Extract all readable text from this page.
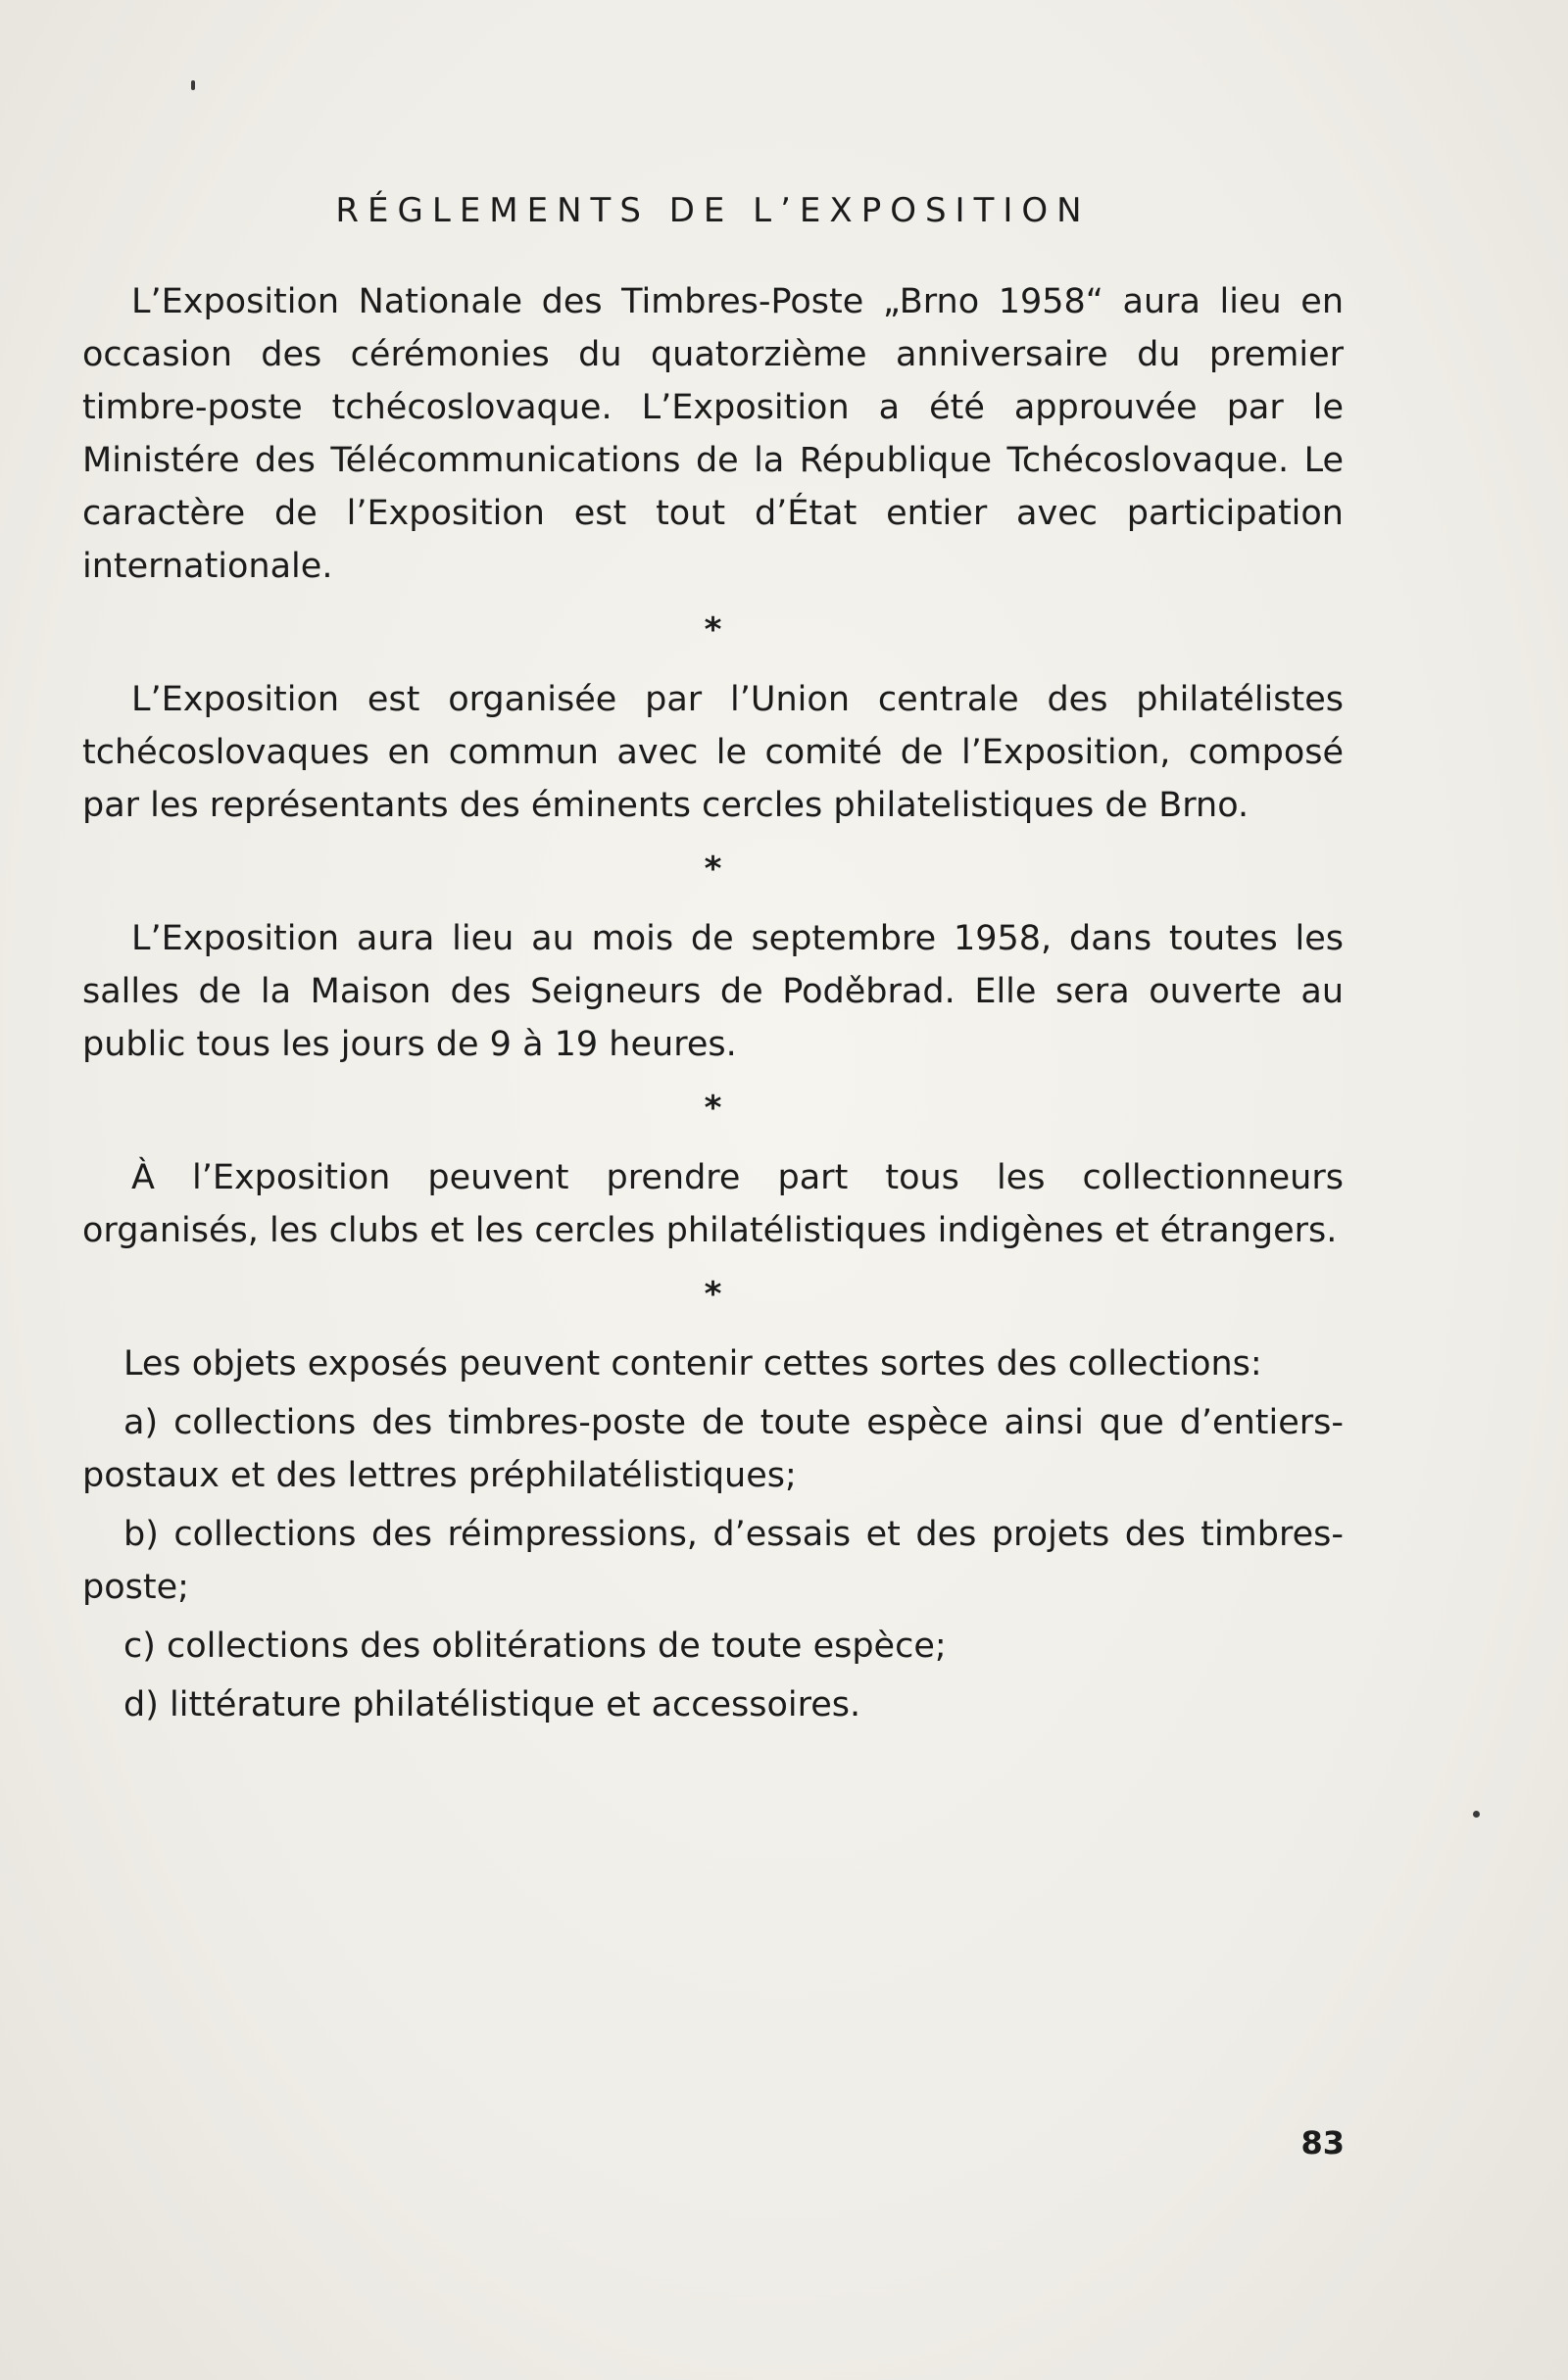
RÉGLEMENTS DE L’EXPOSITION

L’Exposition Nationale des Timbres-Poste „Brno 1958“ aura lieu en occasion des cérémonies du quatorzième anniversaire du premier timbre-poste tchécoslovaque. L’Exposition a été approuvée par le Ministére des Télécommunications de la République Tchécoslovaque. Le caractère de l’Exposition est tout d’État entier avec participation internationale.

*

L’Exposition est organisée par l’Union centrale des philatélistes tchécoslovaques en commun avec le comité de l’Exposition, composé par les représentants des éminents cercles philatelistiques de Brno.

*

L’Exposition aura lieu au mois de septembre 1958, dans toutes les salles de la Maison des Seigneurs de Poděbrad. Elle sera ouverte au public tous les jours de 9 à 19 heures.

*

À l’Exposition peuvent prendre part tous les collectionneurs organisés, les clubs et les cercles philatélistiques indigènes et étrangers.

*

Les objets exposés peuvent contenir cettes sortes des collections:

a) collections des timbres-poste de toute espèce ainsi que d’entiers-postaux et des lettres préphilatélistiques;

b) collections des réimpressions, d’essais et des projets des timbres-poste;

c) collections des oblitérations de toute espèce;

d) littérature philatélistique et accessoires.

83
